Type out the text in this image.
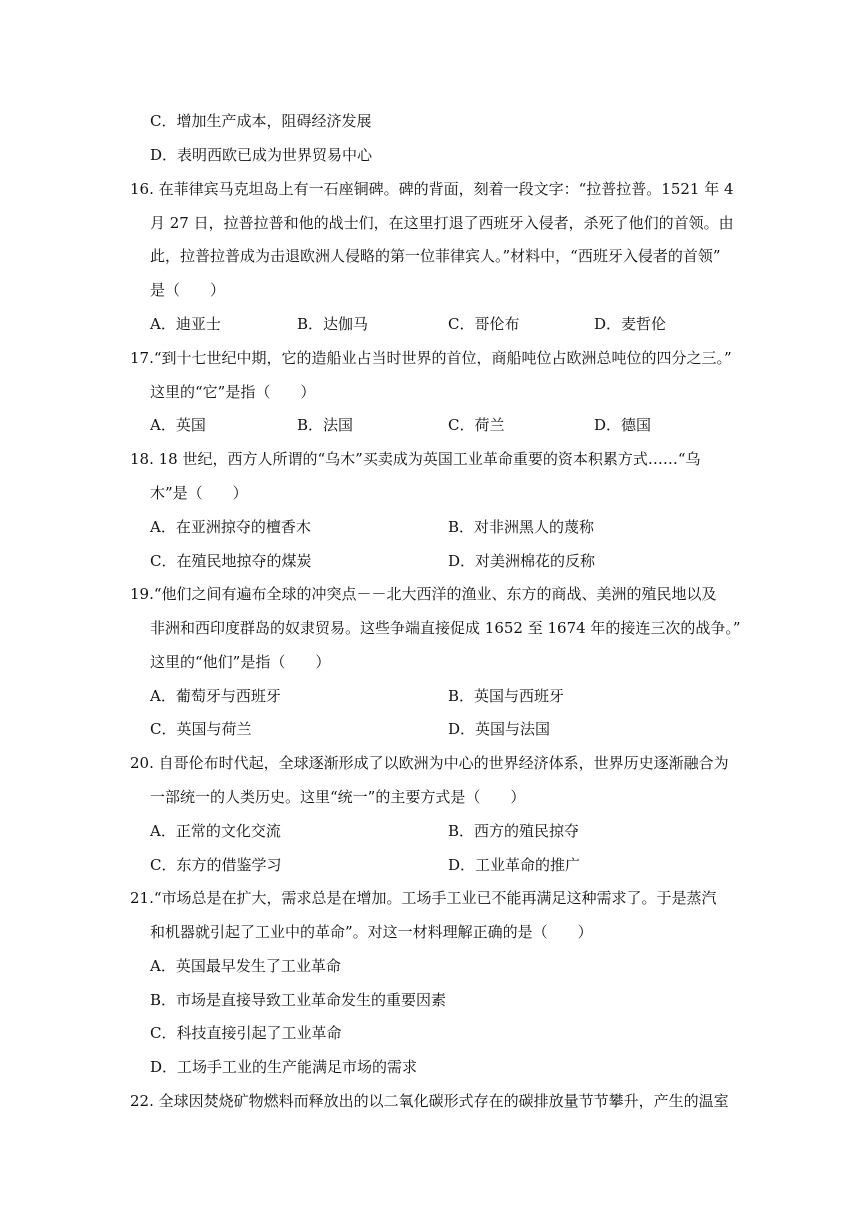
C．增加生产成本，阻碍经济发展
D．表明西欧已成为世界贸易中心
16. 在菲律宾马克坦岛上有一石座铜碑。碑的背面，刻着一段文字：“拉普拉普。1521 年 4
月 27 日，拉普拉普和他的战士们，在这里打退了西班牙入侵者，杀死了他们的首领。由
此，拉普拉普成为击退欧洲人侵略的第一位菲律宾人。”材料中，“西班牙入侵者的首领”
是（　　）
A．迪亚士	B．达伽马	C．哥伦布	D．麦哲伦
17.“到十七世纪中期，它的造船业占当时世界的首位，商船吨位占欧洲总吨位的四分之三。”
这里的“它”是指（　　）
A．英国	B．法国	C．荷兰	D．德国
18. 18 世纪，西方人所谓的“乌木”买卖成为英国工业革命重要的资本积累方式……“乌
木”是（　　）
A．在亚洲掠夺的檀香木	B．对非洲黑人的蔑称
C．在殖民地掠夺的煤炭	D．对美洲棉花的反称
19.“他们之间有遍布全球的冲突点－－北大西洋的渔业、东方的商战、美洲的殖民地以及
非洲和西印度群岛的奴隶贸易。这些争端直接促成 1652 至 1674 年的接连三次的战争。”
这里的“他们”是指（　　）
A．葡萄牙与西班牙	B．英国与西班牙
C．英国与荷兰	D．英国与法国
20. 自哥伦布时代起，全球逐渐形成了以欧洲为中心的世界经济体系，世界历史逐渐融合为
一部统一的人类历史。这里“统一”的主要方式是（　　）
A．正常的文化交流	B．西方的殖民掠夺
C．东方的借鉴学习	D．工业革命的推广
21.“市场总是在扩大，需求总是在增加。工场手工业已不能再满足这种需求了。于是蒸汽
和机器就引起了工业中的革命”。对这一材料理解正确的是（　　）
A．英国最早发生了工业革命
B．市场是直接导致工业革命发生的重要因素
C．科技直接引起了工业革命
D．工场手工业的生产能满足市场的需求
22. 全球因焚烧矿物燃料而释放出的以二氧化碳形式存在的碳排放量节节攀升，产生的温室
